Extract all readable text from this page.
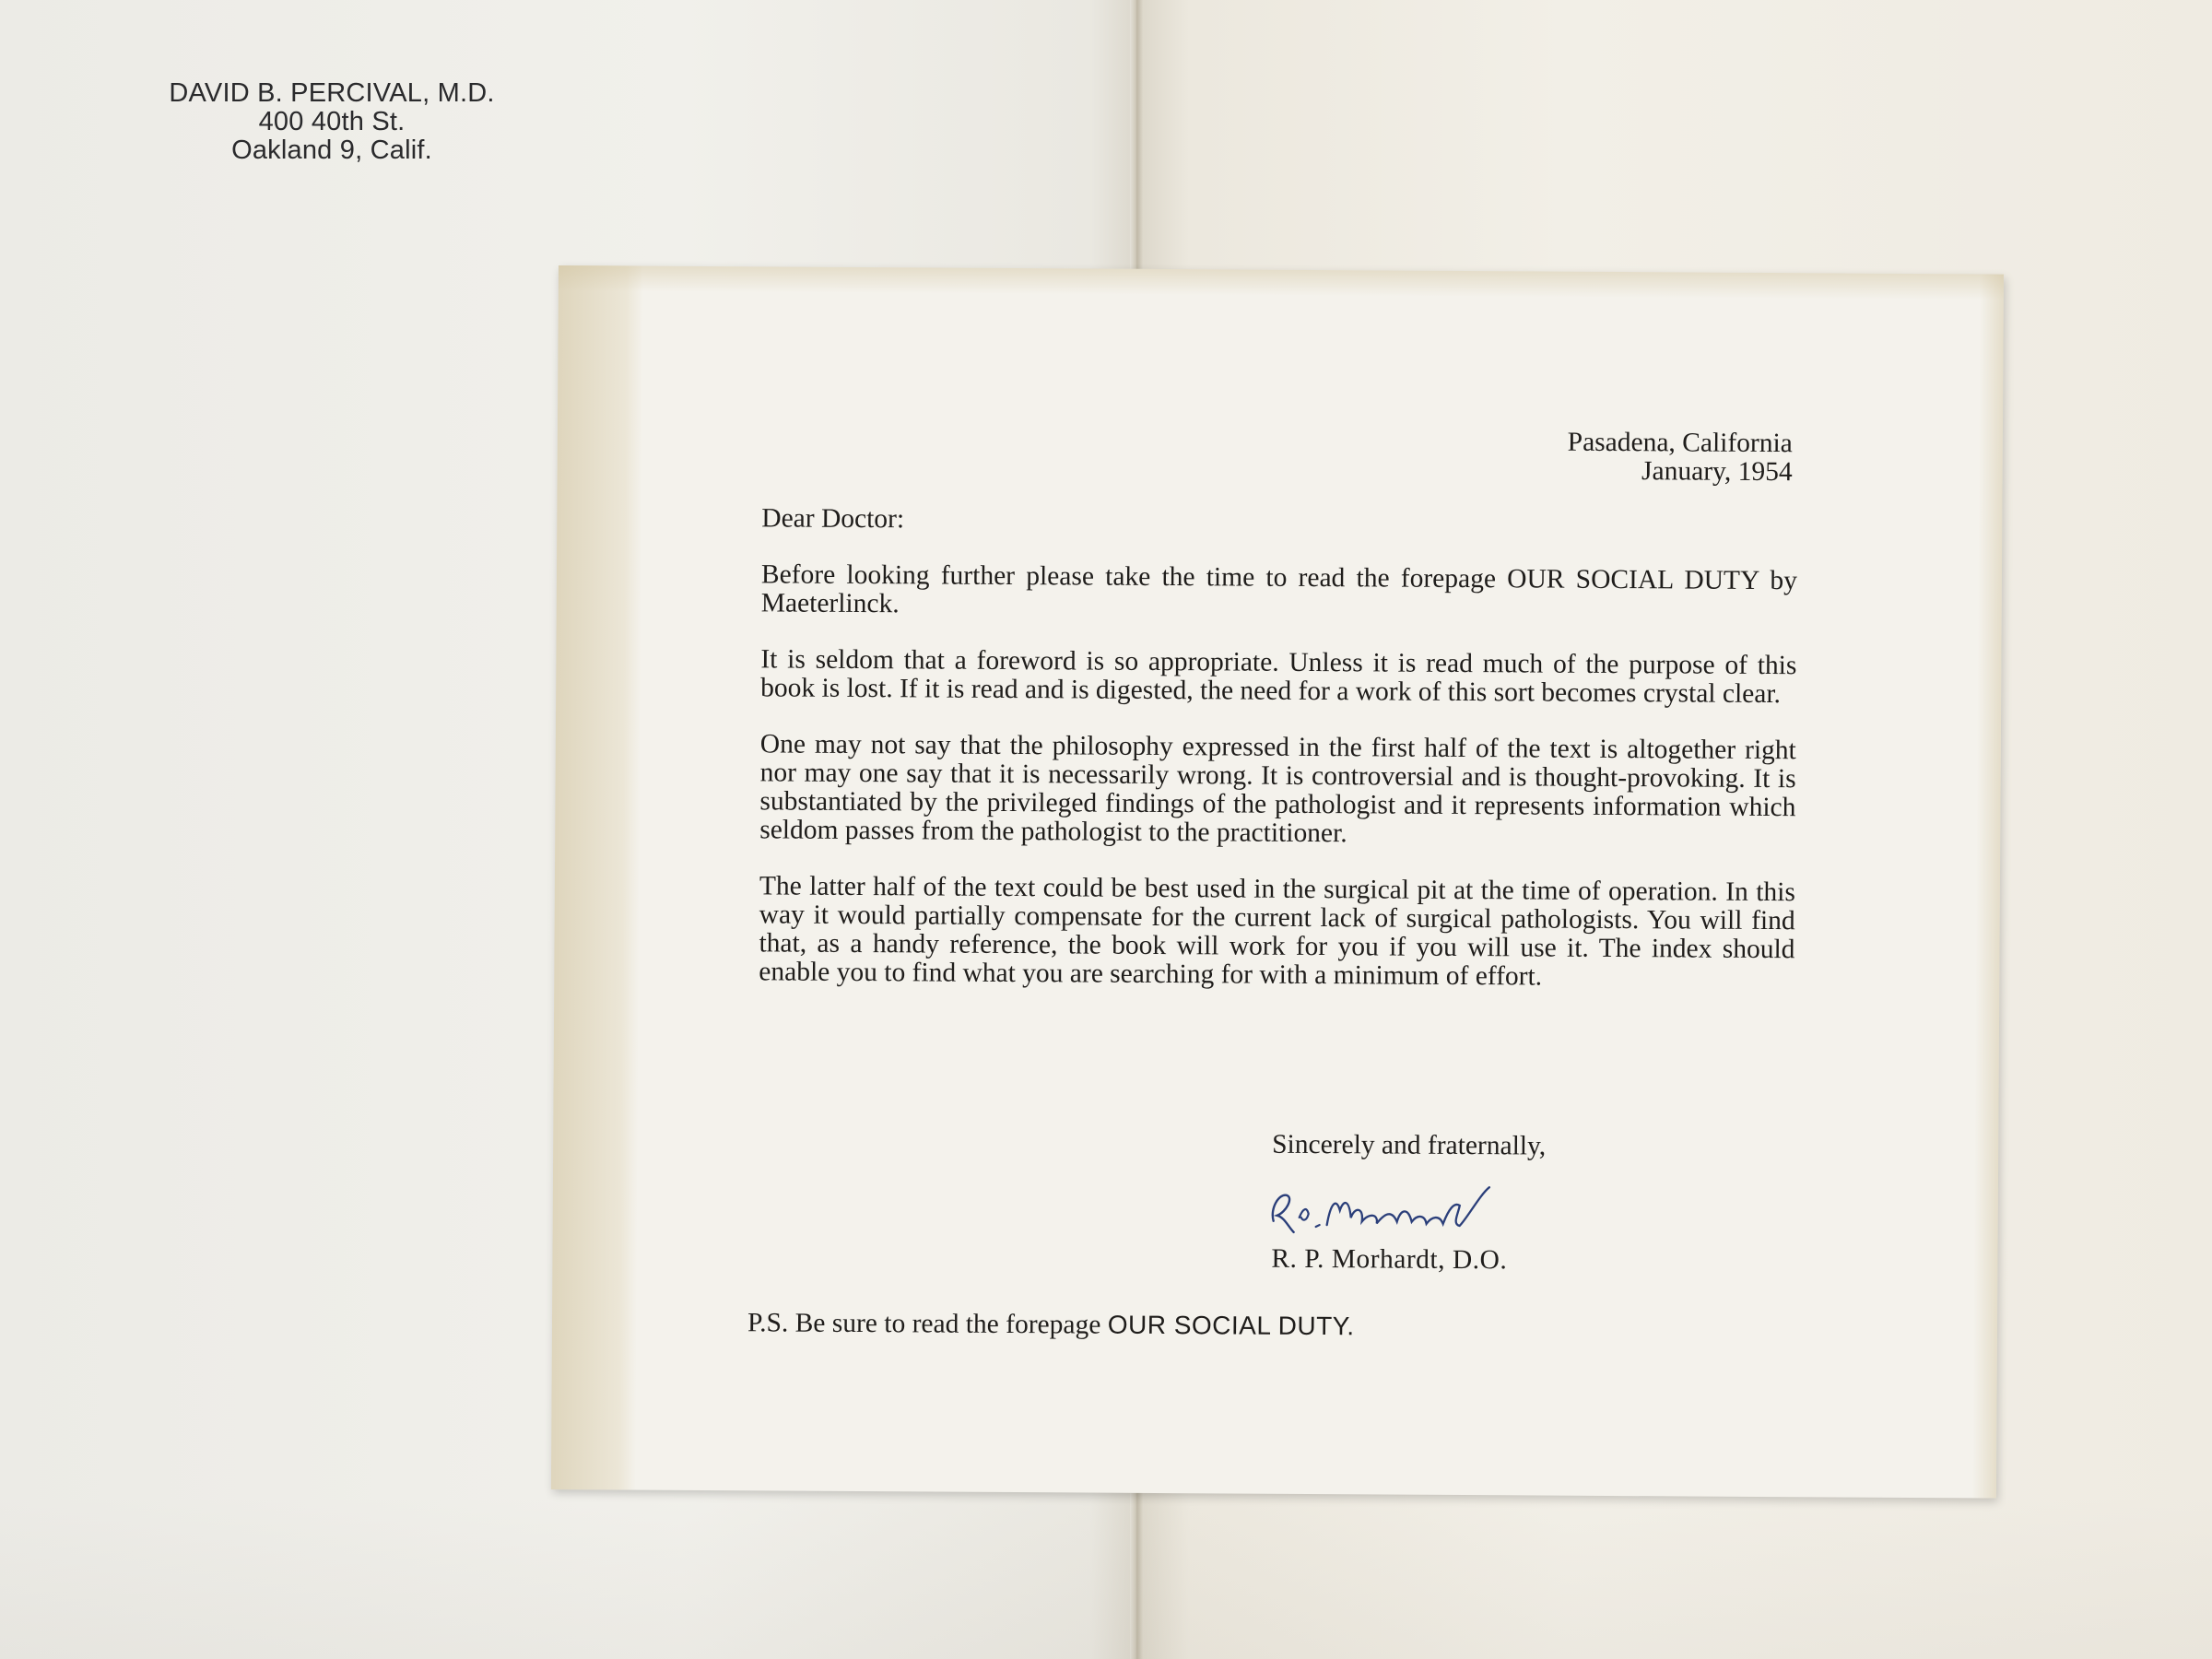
DAVID B. PERCIVAL, M.D.
400 40th St.
Oakland 9, Calif.
Pasadena, California
January, 1954

Dear Doctor:

Before looking further please take the time to read the forepage OUR SOCIAL DUTY by Maeterlinck.

It is seldom that a foreword is so appropriate. Unless it is read much of the purpose of this book is lost. If it is read and is digested, the need for a work of this sort becomes crystal clear.

One may not say that the philosophy expressed in the first half of the text is altogether right nor may one say that it is necessarily wrong. It is controversial and is thought-provoking. It is substantiated by the privileged findings of the pathologist and it represents information which seldom passes from the pathologist to the practitioner.

The latter half of the text could be best used in the surgical pit at the time of operation. In this way it would partially compensate for the current lack of surgical pathologists. You will find that, as a handy reference, the book will work for you if you will use it. The index should enable you to find what you are searching for with a minimum of effort.

Sincerely and fraternally,
R. P. Morhardt, D.O.
P.S. Be sure to read the forepage OUR SOCIAL DUTY.
